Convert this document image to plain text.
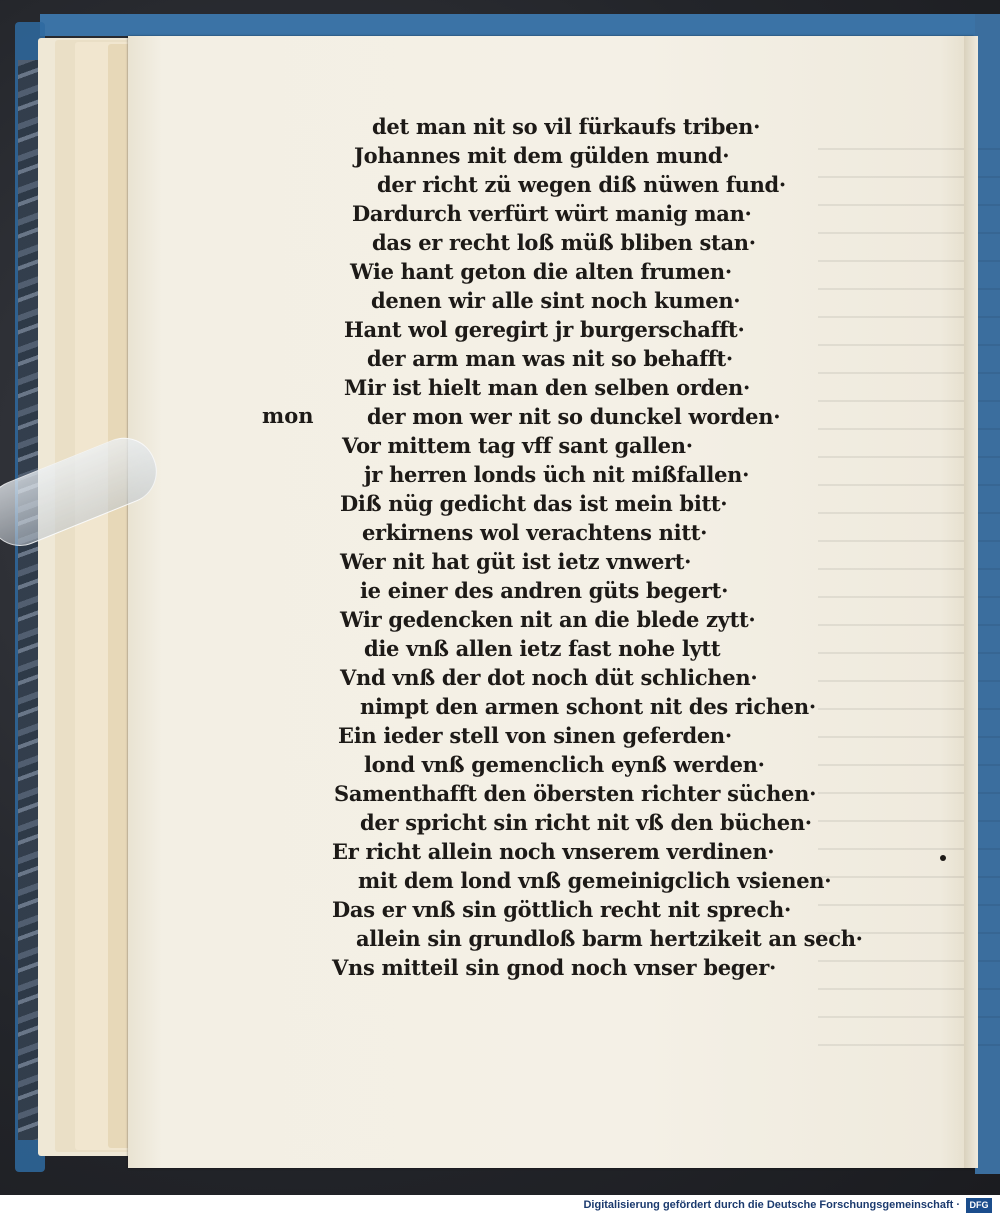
mon
det man nit so vil fürkaufs triben·
Johannes mit dem gülden mund·
der richt zü wegen diß nüwen fund·
Dardurch verfürt würt manig man·
das er recht loß müß bliben stan·
Wie hant geton die alten frumen·
denen wir alle sint noch kumen·
Hant wol geregirt jr burgerschafft·
der arm man was nit so behafft·
Mir ist hielt man den selben orden·
der mon wer nit so dunckel worden·
Vor mittem tag vff sant gallen·
jr herren londs üch nit mißfallen·
Diß nüg gedicht das ist mein bitt·
erkirnens wol verachtens nitt·
Wer nit hat güt ist ietz vnwert·
ie einer des andren güts begert·
Wir gedencken nit an die blede zytt·
die vnß allen ietz fast nohe lytt
Vnd vnß der dot noch düt schlichen·
nimpt den armen schont nit des richen·
Ein ieder stell von sinen geferden·
lond vnß gemenclich eynß werden·
Samenthafft den öbersten richter süchen·
der spricht sin richt nit vß den büchen·
Er richt allein noch vnserem verdinen·
mit dem lond vnß gemeinigclich vsienen·
Das er vnß sin göttlich recht nit sprech·
allein sin grundloß barm hertzikeit an sech·
Vns mitteil sin gnod noch vnser beger·
Digitalisierung gefördert durch die Deutsche Forschungsgemeinschaft ·	DFG
